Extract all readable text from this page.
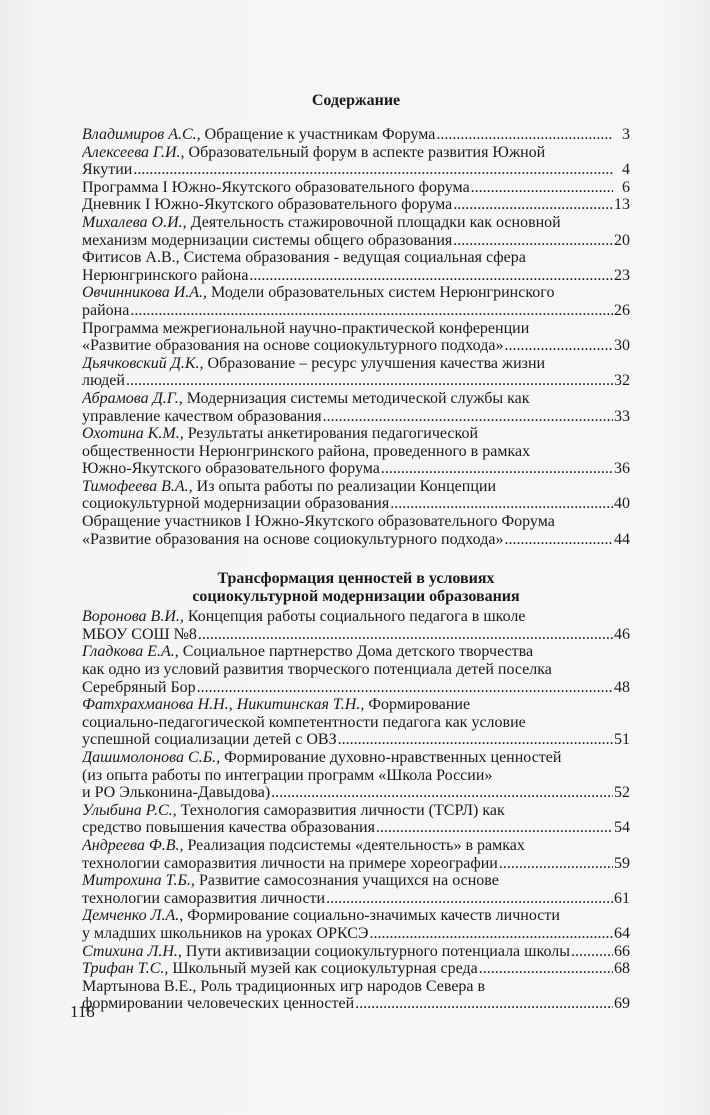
Содержание
Владимиров А.С., Обращение к участникам Форума .....	3
Алексеева Г.И., Образовательный форум в аспекте развития Южной
Якутии .....	4
Программа I Южно-Якутского образовательного форума .....	6
Дневник I Южно-Якутского образовательного форума .....	13
Михалева О.И., Деятельность стажировочной площадки как основной
механизм модернизации системы общего образования .....	20
Фитисов А.В., Система образования - ведущая социальная сфера
Нерюнгринского района .....	23
Овчинникова И.А., Модели образовательных систем Нерюнгринского
района .....	26
Программа межрегиональной научно-практической конференции
«Развитие образования на основе социокультурного подхода» .....	30
Дьячковский Д.К., Образование – ресурс улучшения качества жизни
людей .....	32
Абрамова Д.Г., Модернизация системы методической службы как
управление качеством образования .....	33
Охотина К.М., Результаты анкетирования педагогической
общественности Нерюнгринского района, проведенного в рамках
Южно-Якутского образовательного форума .....	36
Тимофеева В.А., Из опыта работы по реализации Концепции
социокультурной модернизации образования .....	40
Обращение участников I Южно-Якутского образовательного Форума
«Развитие образования на основе социокультурного подхода» .....	44
Трансформация ценностей в условиях
социокультурной модернизации образования
Воронова В.И., Концепция работы социального педагога в школе
МБОУ СОШ №8 .....	46
Гладкова Е.А., Социальное партнерство Дома детского творчества
как одно из условий развития творческого потенциала детей поселка
Серебряный Бор .....	48
Фатхрахманова Н.Н., Никитинская Т.Н., Формирование
социально-педагогической компетентности педагога как условие
успешной социализации детей с ОВЗ .....	51
Дашимолонова С.Б., Формирование духовно-нравственных ценностей
(из опыта работы по интеграции программ «Школа России»
и РО Эльконина-Давыдова) .....	52
Улыбина Р.С., Технология саморазвития личности (ТСРЛ) как
средство повышения качества образования .....	54
Андреева Ф.В., Реализация подсистемы «деятельность» в рамках
технологии саморазвития личности на примере хореографии .....	59
Митрохина Т.Б., Развитие самосознания учащихся на основе
технологии саморазвития личности .....	61
Демченко Л.А., Формирование социально-значимых качеств личности
у младших школьников на уроках ОРКСЭ .....	64
Стихина Л.Н., Пути активизации социокультурного потенциала школы .....	66
Трифан Т.С., Школьный музей как социокультурная среда .....	68
Мартынова В.Е., Роль традиционных игр народов Севера в
формировании человеческих ценностей .....	69
118
